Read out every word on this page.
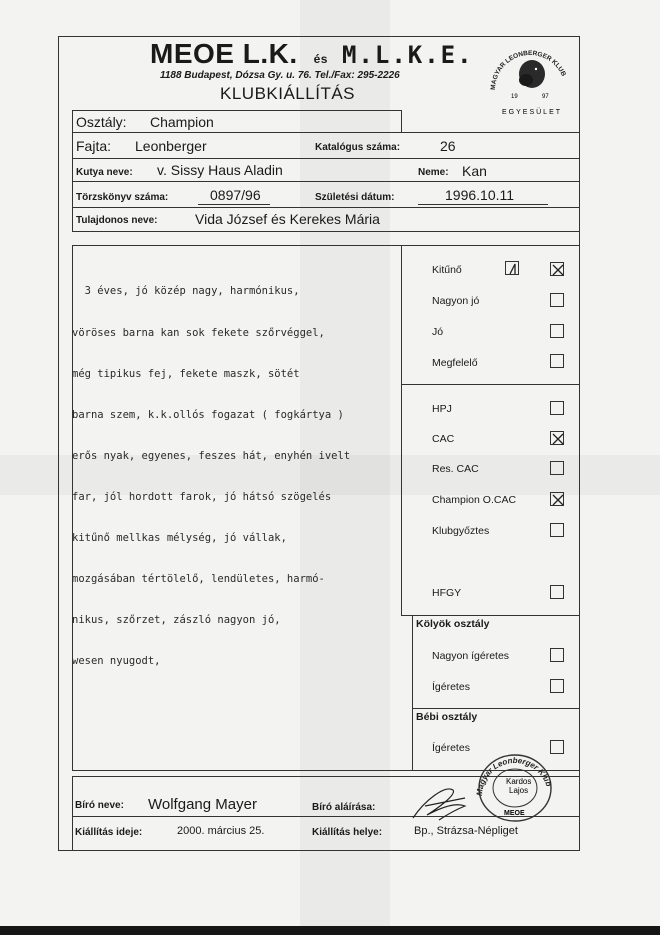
MEOE L.K. és M.L.K.E.
1188 Budapest, Dózsa Gy. u. 76. Tel./Fax: 295-2226
KLUBKIÁLLÍTÁS	MAGYAR LEONBERGER KLUB
19	97
EGYESÜLET
Osztály: Champion
Fajta: Leonberger	Katalógus száma:	26
Kutya neve: v. Sissy Haus Aladin	Neme: Kan
Törzskönyv száma:	0897/96	Születési dátum:	1996.10.11
Tulajdonos neve:	Vida József és Kerekes Mária

3 éves, jó közép nagy, harmónikus,

vöröses barna kan sok fekete szőrvéggel,

még tipikus fej, fekete maszk, sötét

barna szem, k.k.ollós fogazat ( fogkártya )

erős nyak, egyenes, feszes hát, enyhén ivelt

far, jól hordott farok, jó hátsó szögelés

kitűnő mellkas mélység, jó vállak,

mozgásában tértölelő, lendületes, harmó-

nikus, szőrzet, zászló nagyon jó,

wesen nyugodt,

Kitűnő
Nagyon jó
Jó
Megfelelő
HPJ
CAC
Res. CAC
Champion O.CAC
Klubgyőztes
HFGY
Kölyök osztály
Nagyon ígéretes
Ígéretes
Bébi osztály
Ígéretes
Bíró neve: Wolfgang Mayer	Bíró aláírása:
Kiállítás ideje:	2000. március 25.	Kiállítás helye:	Bp., Strázsa-Népliget
Magyar Leonberger Klub
Kardos
Lajos
MEOE
